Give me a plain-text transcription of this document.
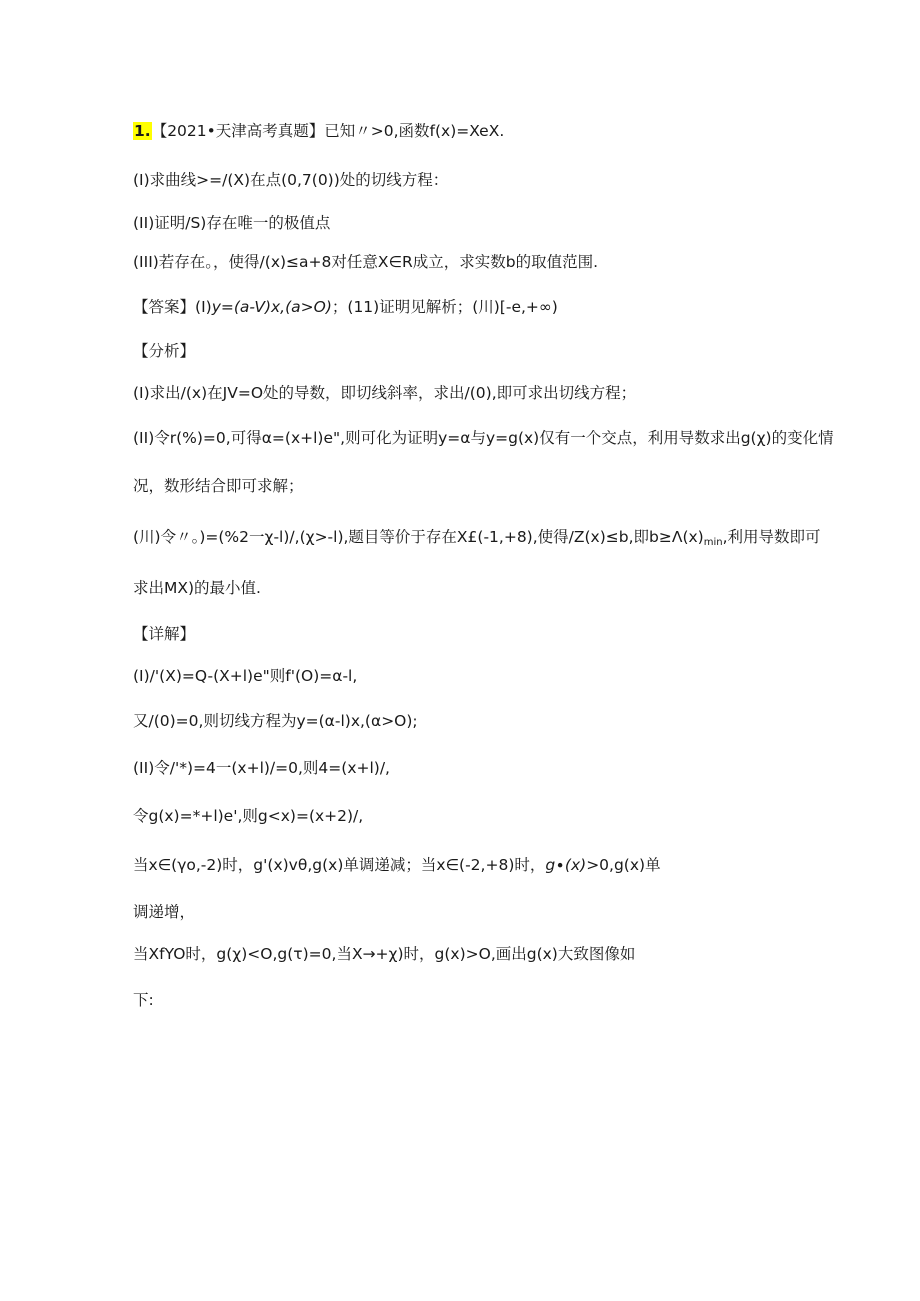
1.【2021•天津高考真题】已知〃>0,函数f(x)=XeX.
(I)求曲线>=/(X)在点(0,7(0))处的切线方程：
(II)证明/S)存在唯一的极值点
(III)若存在。，使得/(x)≤a+8对任意X∈R成立，求实数b的取值范围.
【答案】(I)y=(a-V)x,(a>O)；(11)证明见解析；(川)[-e,+∞)
【分析】
(I)求出/(x)在JV=O处的导数，即切线斜率，求出/(0),即可求出切线方程；
(II)令r(%)=0,可得α=(x+l)e",则可化为证明y=α与y=g(x)仅有一个交点，利用导数求出g(χ)的变化情
况，数形结合即可求解；
(川)令〃。)=(%2一χ-l)∕,(χ>-l),题目等价于存在X£(-1,+8),使得/Z(x)≤b,即$b\ge\Lambda(x)_{min}$,利用导数即可
求出MX)的最小值.
【详解】
(I)/'(X)=Q-(X+l)e"则f'(O)=α-l,
又/(0)=0,则切线方程为y=(α-l)x,(α>O);
(II)令/'*)=4一(x+l)∕=0,则4=(x+l)/,
令g(x)=*+l)e',则g<x)=(x+2)/,
当x∈(γo,-2)时，g'(x)vθ,g(x)单调递减；当x∈(-2,+8)时，g∙(x)>0,g(x)单
调递增，
当XfYO时，g(χ)<O,g(τ)=0,当X→+χ)时，g(x)>O,画出g(x)大致图像如
下:
